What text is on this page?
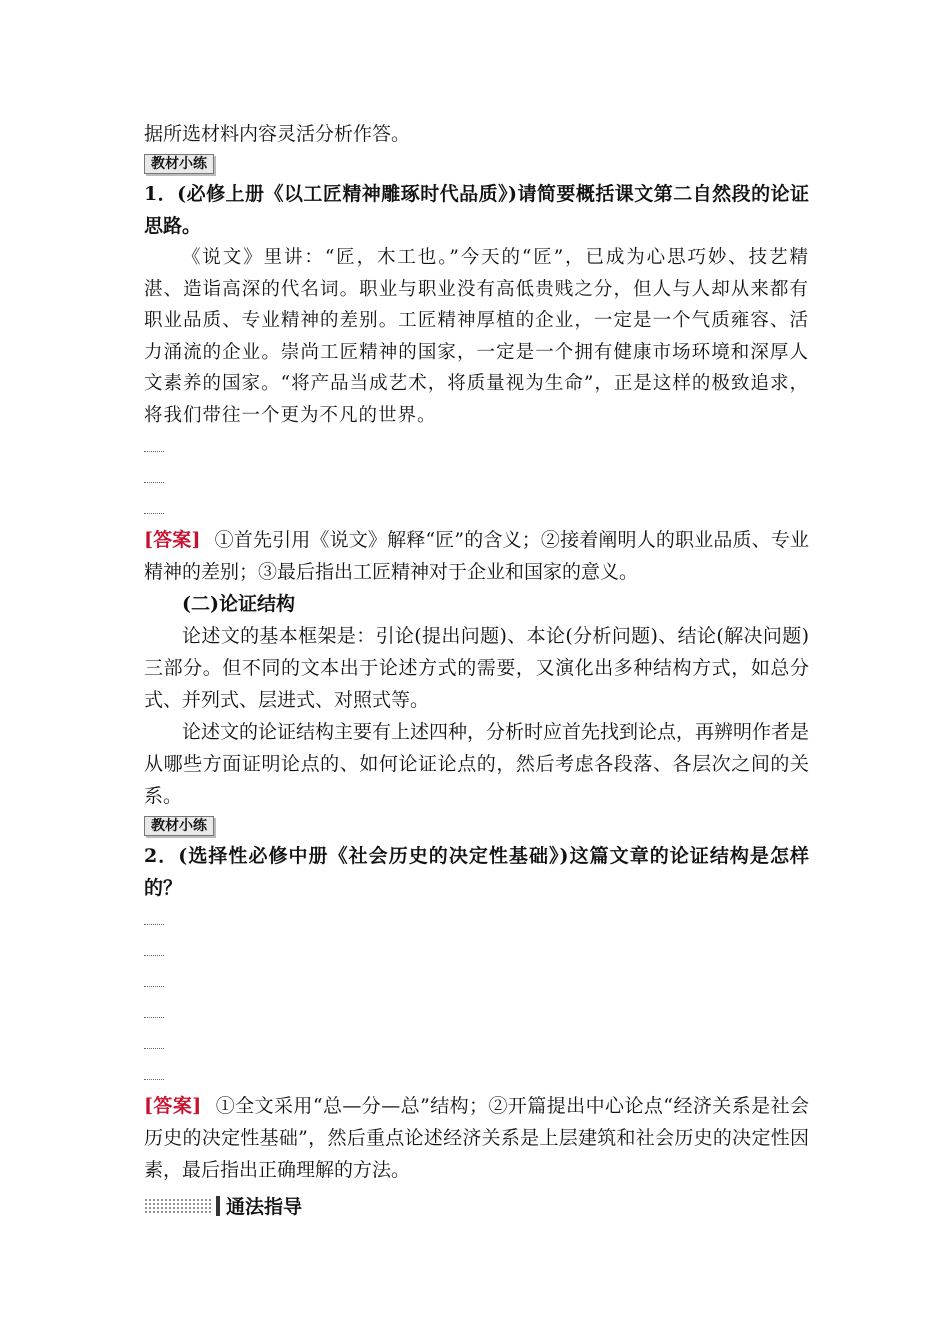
据所选材料内容灵活分析作答。
教材小练

1．(必修上册《以工匠精神雕琢时代品质》)请简要概括课文第二自然段的论证思路。

《说文》里讲：“匠，木工也。”今天的“匠”，已成为心思巧妙、技艺精湛、造诣高深的代名词。职业与职业没有高低贵贱之分，但人与人却从来都有职业品质、专业精神的差别。工匠精神厚植的企业，一定是一个气质雍容、活力涌流的企业。崇尚工匠精神的国家，一定是一个拥有健康市场环境和深厚人文素养的国家。“将产品当成艺术，将质量视为生命”，正是这样的极致追求，将我们带往一个更为不凡的世界。

[答案] ①首先引用《说文》解释“匠”的含义；②接着阐明人的职业品质、专业精神的差别；③最后指出工匠精神对于企业和国家的意义。

(二)论证结构

论述文的基本框架是：引论(提出问题)、本论(分析问题)、结论(解决问题)三部分。但不同的文本出于论述方式的需要，又演化出多种结构方式，如总分式、并列式、层进式、对照式等。

论述文的论证结构主要有上述四种，分析时应首先找到论点，再辨明作者是从哪些方面证明论点的、如何论证论点的，然后考虑各段落、各层次之间的关系。

教材小练

2．(选择性必修中册《社会历史的决定性基础》)这篇文章的论证结构是怎样的？

[答案] ①全文采用“总—分—总”结构；②开篇提出中心论点“经济关系是社会历史的决定性基础”，然后重点论述经济关系是上层建筑和社会历史的决定性因素，最后指出正确理解的方法。

通法指导
